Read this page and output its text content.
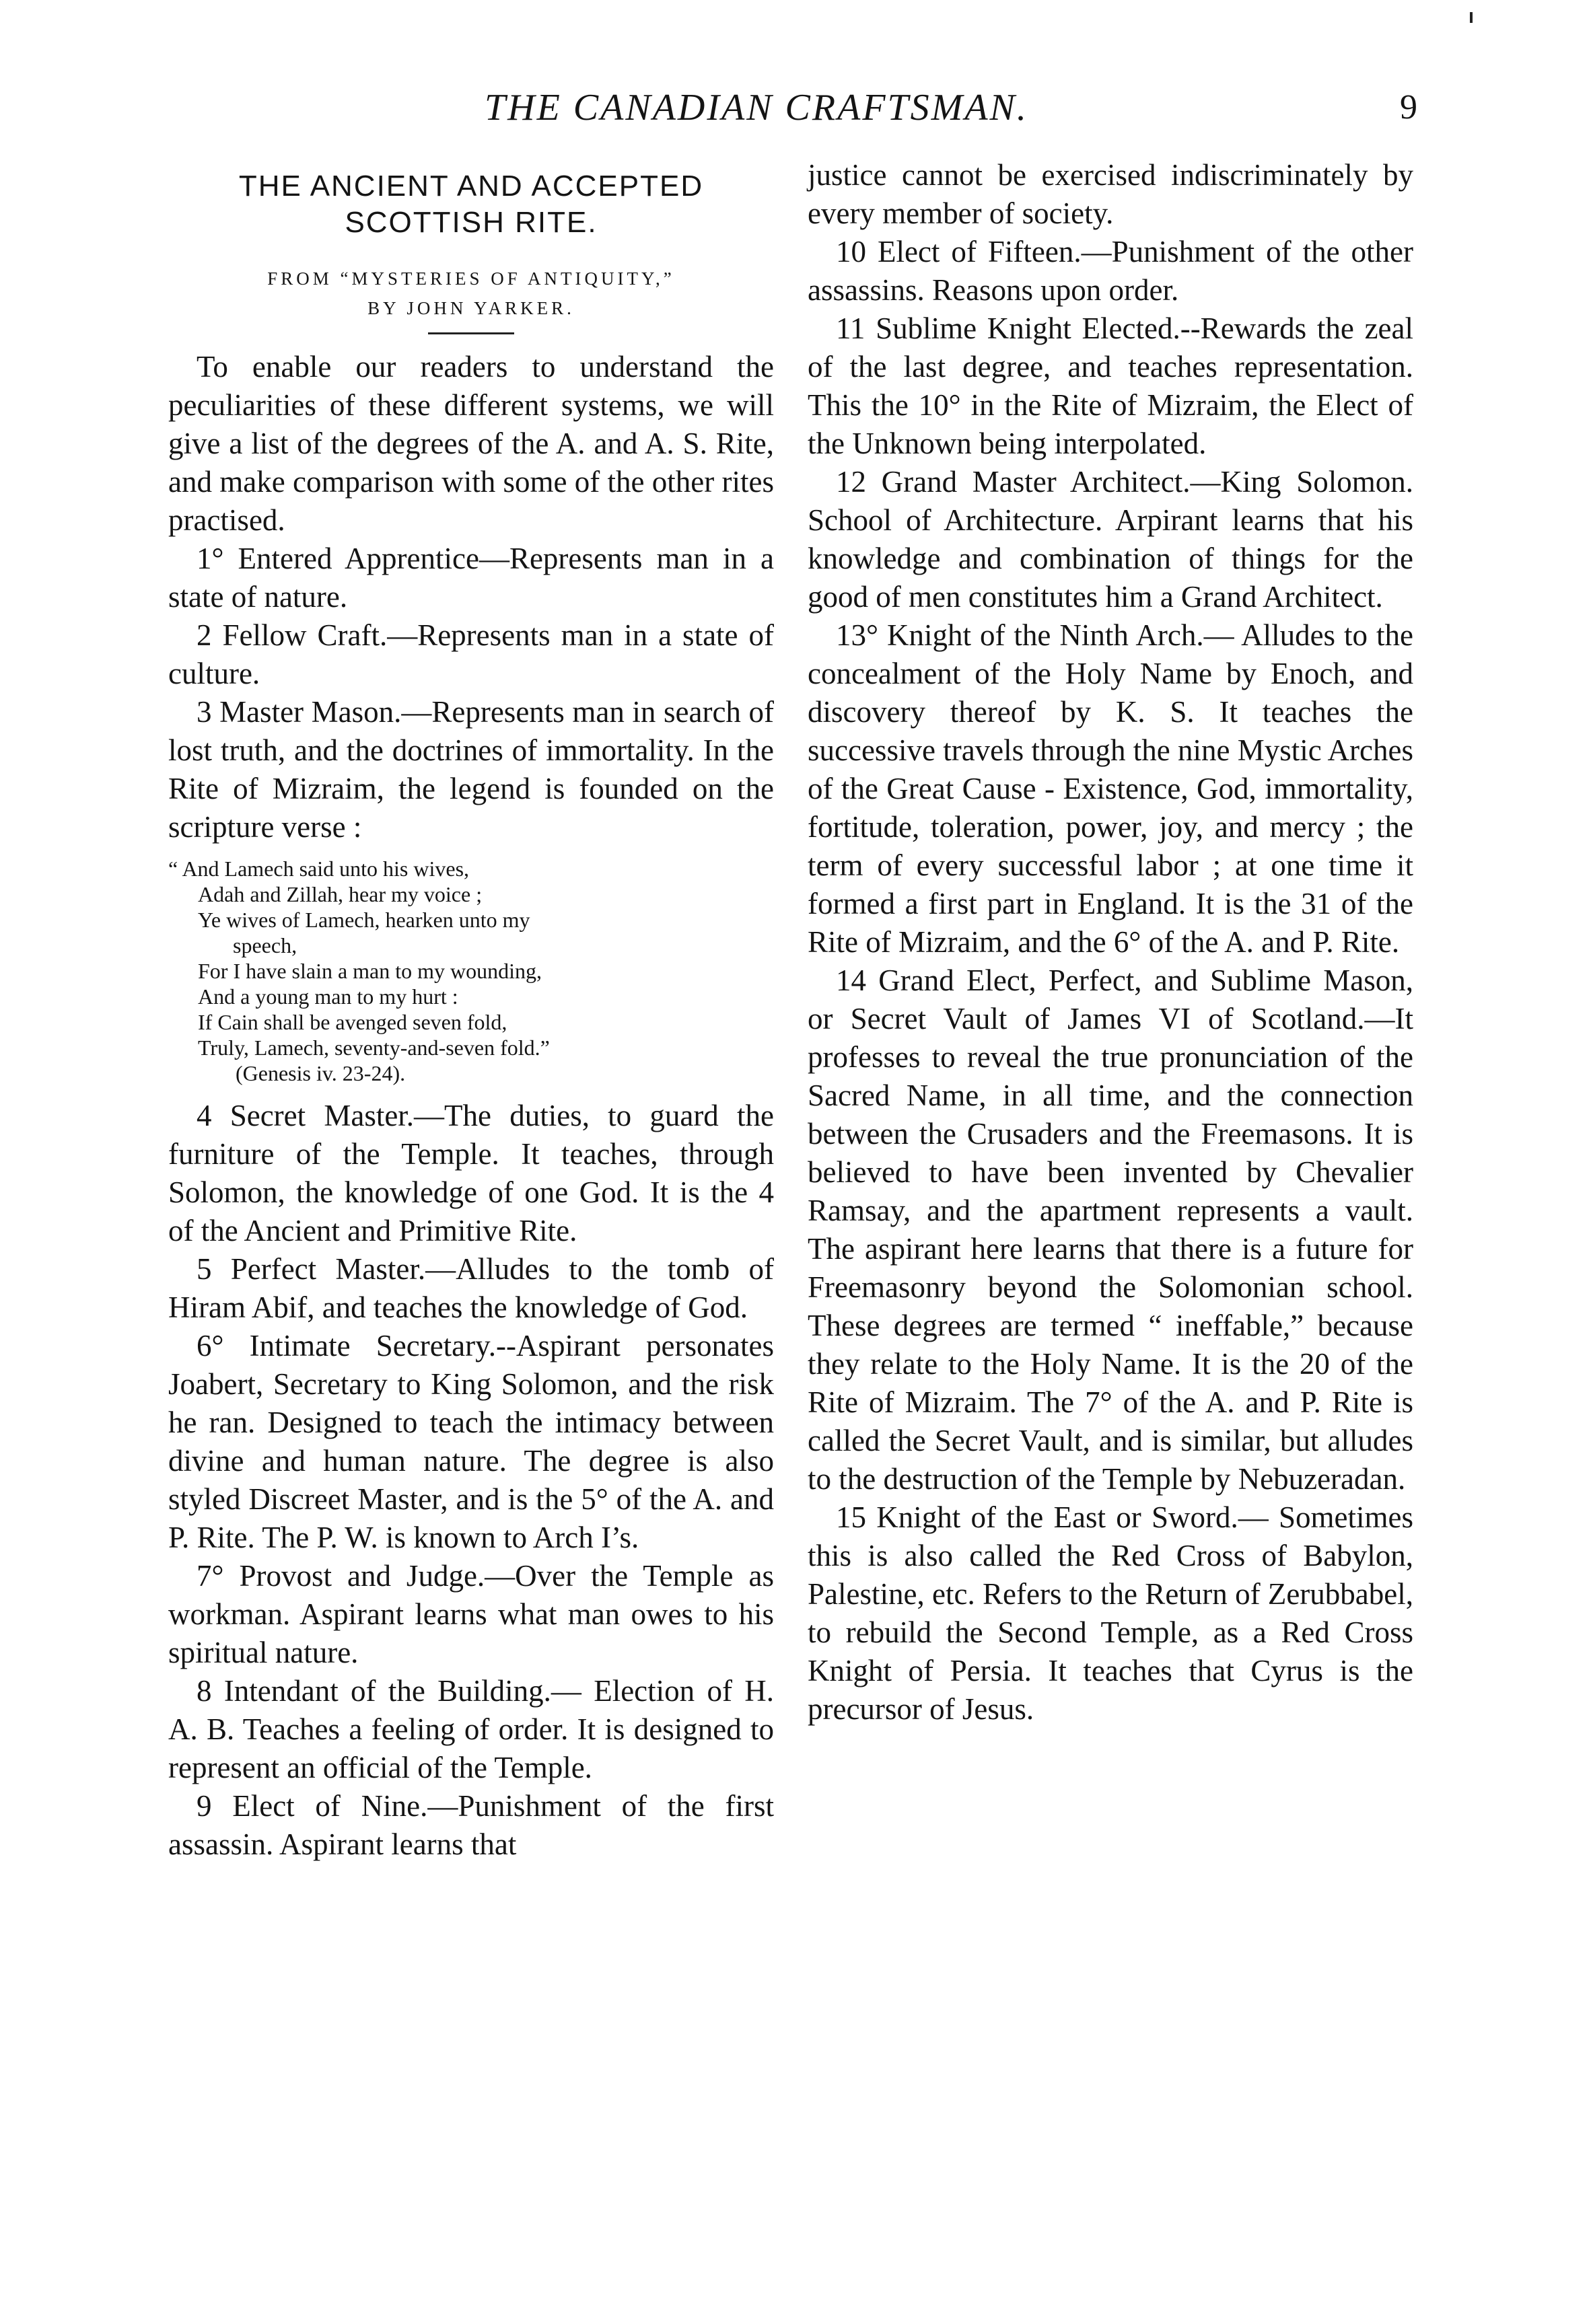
THE CANADIAN CRAFTSMAN.	9
THE ANCIENT AND ACCEPTED SCOTTISH RITE.
FROM “MYSTERIES OF ANTIQUITY,”
BY JOHN YARKER.

To enable our readers to understand the peculiarities of these different systems, we will give a list of the degrees of the A. and A. S. Rite, and make comparison with some of the other rites practised.

1° Entered Apprentice—Represents man in a state of nature.

2 Fellow Craft.—Represents man in a state of culture.

3 Master Mason.—Represents man in search of lost truth, and the doctrines of immortality. In the Rite of Mizraim, the legend is founded on the scripture verse :

“ And Lamech said unto his wives,
Adah and Zillah, hear my voice ;
Ye wives of Lamech, hearken unto my
speech,
For I have slain a man to my wounding,
And a young man to my hurt :
If Cain shall be avenged seven fold,
Truly, Lamech, seventy-and-seven fold.”
(Genesis iv. 23-24).

4 Secret Master.—The duties, to guard the furniture of the Temple. It teaches, through Solomon, the knowledge of one God. It is the 4 of the Ancient and Primitive Rite.

5 Perfect Master.—Alludes to the tomb of Hiram Abif, and teaches the knowledge of God.

6° Intimate Secretary.--Aspirant personates Joabert, Secretary to King Solomon, and the risk he ran. Designed to teach the intimacy between divine and human nature. The degree is also styled Discreet Master, and is the 5° of the A. and P. Rite. The P. W. is known to Arch I’s.

7° Provost and Judge.—Over the Temple as workman. Aspirant learns what man owes to his spiritual nature.

8 Intendant of the Building.— Election of H. A. B. Teaches a feeling of order. It is designed to represent an official of the Temple.

9 Elect of Nine.—Punishment of the first assassin. Aspirant learns that

justice cannot be exercised indiscriminately by every member of society.

10 Elect of Fifteen.—Punishment of the other assassins. Reasons upon order.

11 Sublime Knight Elected.--Rewards the zeal of the last degree, and teaches representation. This the 10° in the Rite of Mizraim, the Elect of the Unknown being interpolated.

12 Grand Master Architect.—King Solomon. School of Architecture. Arpirant learns that his knowledge and combination of things for the good of men constitutes him a Grand Architect.

13° Knight of the Ninth Arch.— Alludes to the concealment of the Holy Name by Enoch, and discovery thereof by K. S. It teaches the successive travels through the nine Mystic Arches of the Great Cause - Existence, God, immortality, fortitude, toleration, power, joy, and mercy ; the term of every successful labor ; at one time it formed a first part in England. It is the 31 of the Rite of Mizraim, and the 6° of the A. and P. Rite.

14 Grand Elect, Perfect, and Sublime Mason, or Secret Vault of James VI of Scotland.—It professes to reveal the true pronunciation of the Sacred Name, in all time, and the connection between the Crusaders and the Freemasons. It is believed to have been invented by Chevalier Ramsay, and the apartment represents a vault. The aspirant here learns that there is a future for Freemasonry beyond the Solomonian school. These degrees are termed “ ineffable,” because they relate to the Holy Name. It is the 20 of the Rite of Mizraim. The 7° of the A. and P. Rite is called the Secret Vault, and is similar, but alludes to the destruction of the Temple by Nebuzeradan.

15 Knight of the East or Sword.— Sometimes this is also called the Red Cross of Babylon, Palestine, etc. Refers to the Return of Zerubbabel, to rebuild the Second Temple, as a Red Cross Knight of Persia. It teaches that Cyrus is the precursor of Jesus.
